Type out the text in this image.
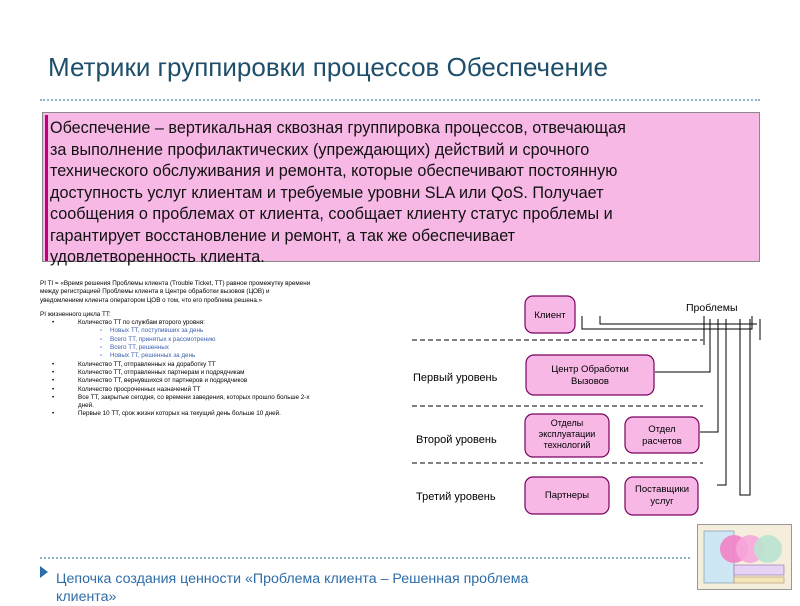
Метрики группировки процессов Обеспечение
Обеспечение – вертикальная сквозная группировка процессов, отвечающая
за выполнение профилактических (упреждающих) действий и срочного
технического обслуживания и ремонта, которые обеспечивают постоянную
доступность услуг клиентам и требуемые уровни SLA или QoS. Получает
сообщения о проблемах от клиента, сообщает клиенту статус проблемы и
гарантирует восстановление и ремонт, а так же обеспечивает
удовлетворенность клиента.

PI TI = «Время решения Проблемы клиента (Trouble Ticket, TT) равное промежутку времени

между регистрацией Проблемы клиента в Центре обработки вызовов (ЦОВ) и

уведомлением клиента оператором ЦОВ о том, что его проблема решена.»

PI жизненного цикла TT:

• Количество TT по службам второго уровня:
▫ Новых TT, поступивших за день
▫ Всего TT, принятых к рассмотрению
▫ Всего TT, решенных
▫ Новых TT, решенных за день
• Количество TT, отправленных на доработку TT
• Количество TT, отправленных партнерам и подрядчикам
• Количество TT, вернувшихся от партнеров и подрядчиков
• Количество просроченных назначений TT
• Все TT, закрытые сегодня, со времени заведения, которых прошло больше 2-х
дней.
• Первые 10 TT, срок жизни которых на текущий день больше 10 дней.
Проблемы
Первый уровень
Второй уровень
Третий уровень
Клиент
Центр Обработки
Вызовов
Отделы
эксплуатации
технологий
Отдел
расчетов
Партнеры
Поставщики
услуг
Цепочка создания ценности «Проблема клиента – Решенная проблема
клиента»
